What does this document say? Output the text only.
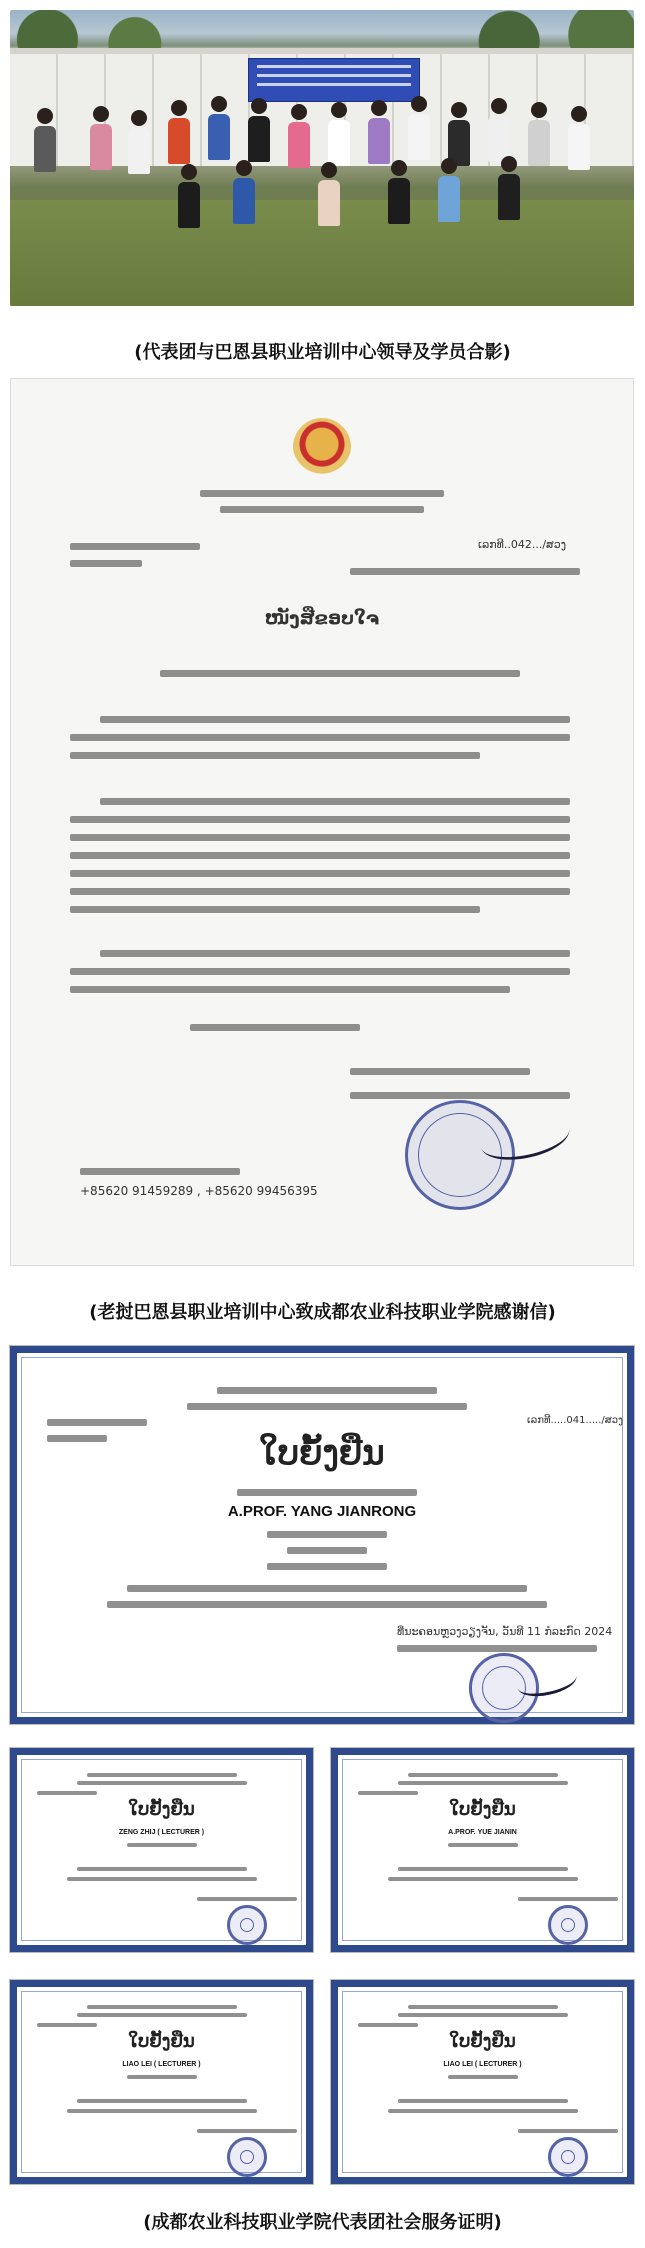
(代表团与巴恩县职业培训中心领导及学员合影)
ເລກທີ..042.../ສວງ
ໜັງສືຂອບໃຈ
+85620 91459289 , +85620 99456395
(老挝巴恩县职业培训中心致成都农业科技职业学院感谢信)
ເລກທີ.....041...../ສວງ
ໃບຍັ້ງຢືນ
A.PROF. YANG JIANRONG
ທີ່ນະຄອນຫຼວງວຽງຈັນ, ວັນທີ 11 ກໍລະກົດ 2024
ໃບຢັ້ງຢືນ
ZENG ZHIJ ( LECTURER )
ໃບຢັ້ງຢືນ
A.PROF. YUE JIANIN
ໃບຢັ້ງຢືນ
LIAO LEI ( LECTURER )
ໃບຢັ້ງຢືນ
LIAO LEI ( LECTURER )
(成都农业科技职业学院代表团社会服务证明)
